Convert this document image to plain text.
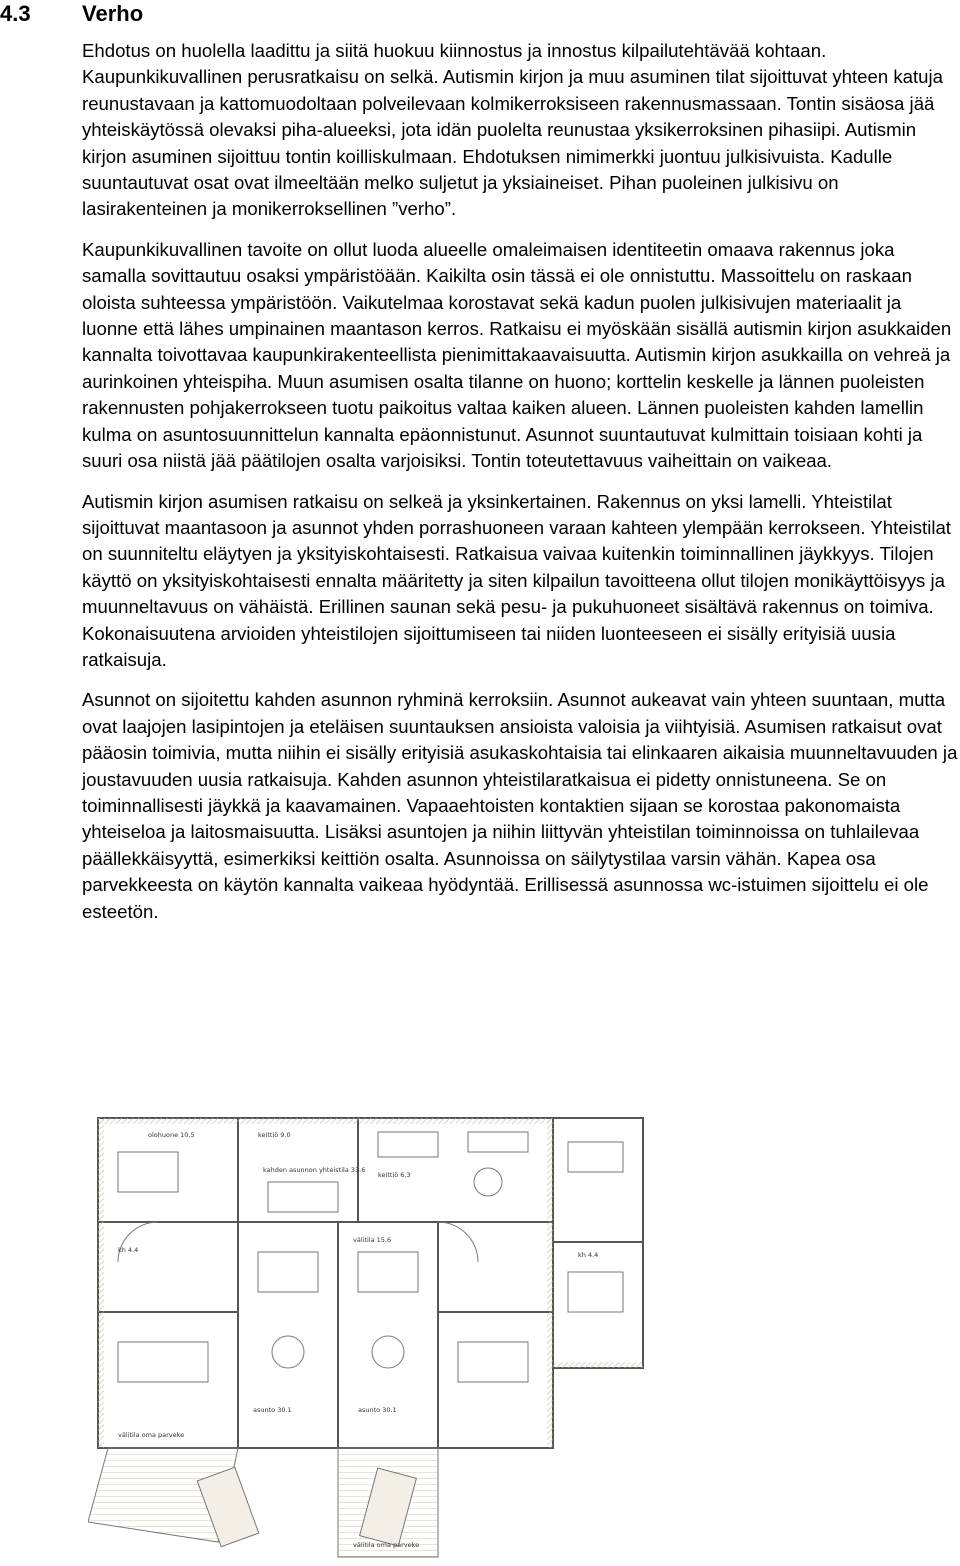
4.3 Verho

Ehdotus on huolella laadittu ja siitä huokuu kiinnostus ja innostus kilpailutehtävää kohtaan. Kaupunkikuvallinen perusratkaisu on selkä. Autismin kirjon ja muu asuminen tilat sijoittuvat yhteen katuja reunustavaan ja kattomuodoltaan polveilevaan kolmikerroksiseen rakennusmassaan. Tontin sisäosa jää yhteiskäytössä olevaksi piha-alueeksi, jota idän puolelta reunustaa yksikerroksinen pihasiipi. Autismin kirjon asuminen sijoittuu tontin koilliskulmaan. Ehdotuksen nimimerkki juontuu julkisivuista. Kadulle suuntautuvat osat ovat ilmeeltään melko suljetut ja yksiaineiset. Pihan puoleinen julkisivu on lasirakenteinen ja monikerroksellinen ”verho”.

Kaupunkikuvallinen tavoite on ollut luoda alueelle omaleimaisen identiteetin omaava rakennus joka samalla sovittautuu osaksi ympäristöään. Kaikilta osin tässä ei ole onnistuttu. Massoittelu on raskaan oloista suhteessa ympäristöön. Vaikutelmaa korostavat sekä kadun puolen julkisivujen materiaalit ja luonne että lähes umpinainen maantason kerros. Ratkaisu ei myöskään sisällä autismin kirjon asukkaiden kannalta toivottavaa kaupunkirakenteellista pienimittakaavaisuutta. Autismin kirjon asukkailla on vehreä ja aurinkoinen yhteispiha. Muun asumisen osalta tilanne on huono; korttelin keskelle ja lännen puoleisten rakennusten pohjakerrokseen tuotu paikoitus valtaa kaiken alueen. Lännen puoleisten kahden lamellin kulma on asuntosuunnittelun kannalta epäonnistunut. Asunnot suuntautuvat kulmittain toisiaan kohti ja suuri osa niistä jää päätilojen osalta varjoisiksi. Tontin toteutettavuus vaiheittain on vaikeaa.

Autismin kirjon asumisen ratkaisu on selkeä ja yksinkertainen. Rakennus on yksi lamelli. Yhteistilat sijoittuvat maantasoon ja asunnot yhden porrashuoneen varaan kahteen ylempään kerrokseen. Yhteistilat on suunniteltu eläytyen ja yksityiskohtaisesti. Ratkaisua vaivaa kuitenkin toiminnallinen jäykkyys. Tilojen käyttö on yksityiskohtaisesti ennalta määritetty ja siten kilpailun tavoitteena ollut tilojen monikäyttöisyys ja muunneltavuus on vähäistä. Erillinen saunan sekä pesu- ja pukuhuoneet sisältävä rakennus on toimiva. Kokonaisuutena arvioiden yhteistilojen sijoittumiseen tai niiden luonteeseen ei sisälly erityisiä uusia ratkaisuja.

Asunnot on sijoitettu kahden asunnon ryhminä kerroksiin. Asunnot aukeavat vain yhteen suuntaan, mutta ovat laajojen lasipintojen ja eteläisen suuntauksen ansioista valoisia ja viihtyisiä. Asumisen ratkaisut ovat pääosin toimivia, mutta niihin ei sisälly erityisiä asukaskohtaisia tai elinkaaren aikaisia muunneltavuuden ja joustavuuden uusia ratkaisuja. Kahden asunnon yhteistilaratkaisua ei pidetty onnistuneena. Se on toiminnallisesti jäykkä ja kaavamainen. Vapaaehtoisten kontaktien sijaan se korostaa pakonomaista yhteiseloa ja laitosmaisuutta. Lisäksi asuntojen ja niihin liittyvän yhteistilan toiminnoissa on tuhlailevaa päällekkäisyyttä, esimerkiksi keittiön osalta. Asunnoissa on säilytystilaa varsin vähän. Kapea osa parvekkeesta on käytön kannalta vaikeaa hyödyntää. Erillisessä asunnossa wc-istuimen sijoittelu ei ole esteetön.

olohuone 10.5	keittiö 9.0
keittiö 6.3
kahden asunnon yhteistila 33.6
välitila 15.6
kh 4.4
kh 4.4
asunto 30.1	asunto 30.1
välitila oma parveke
välitila oma parveke
